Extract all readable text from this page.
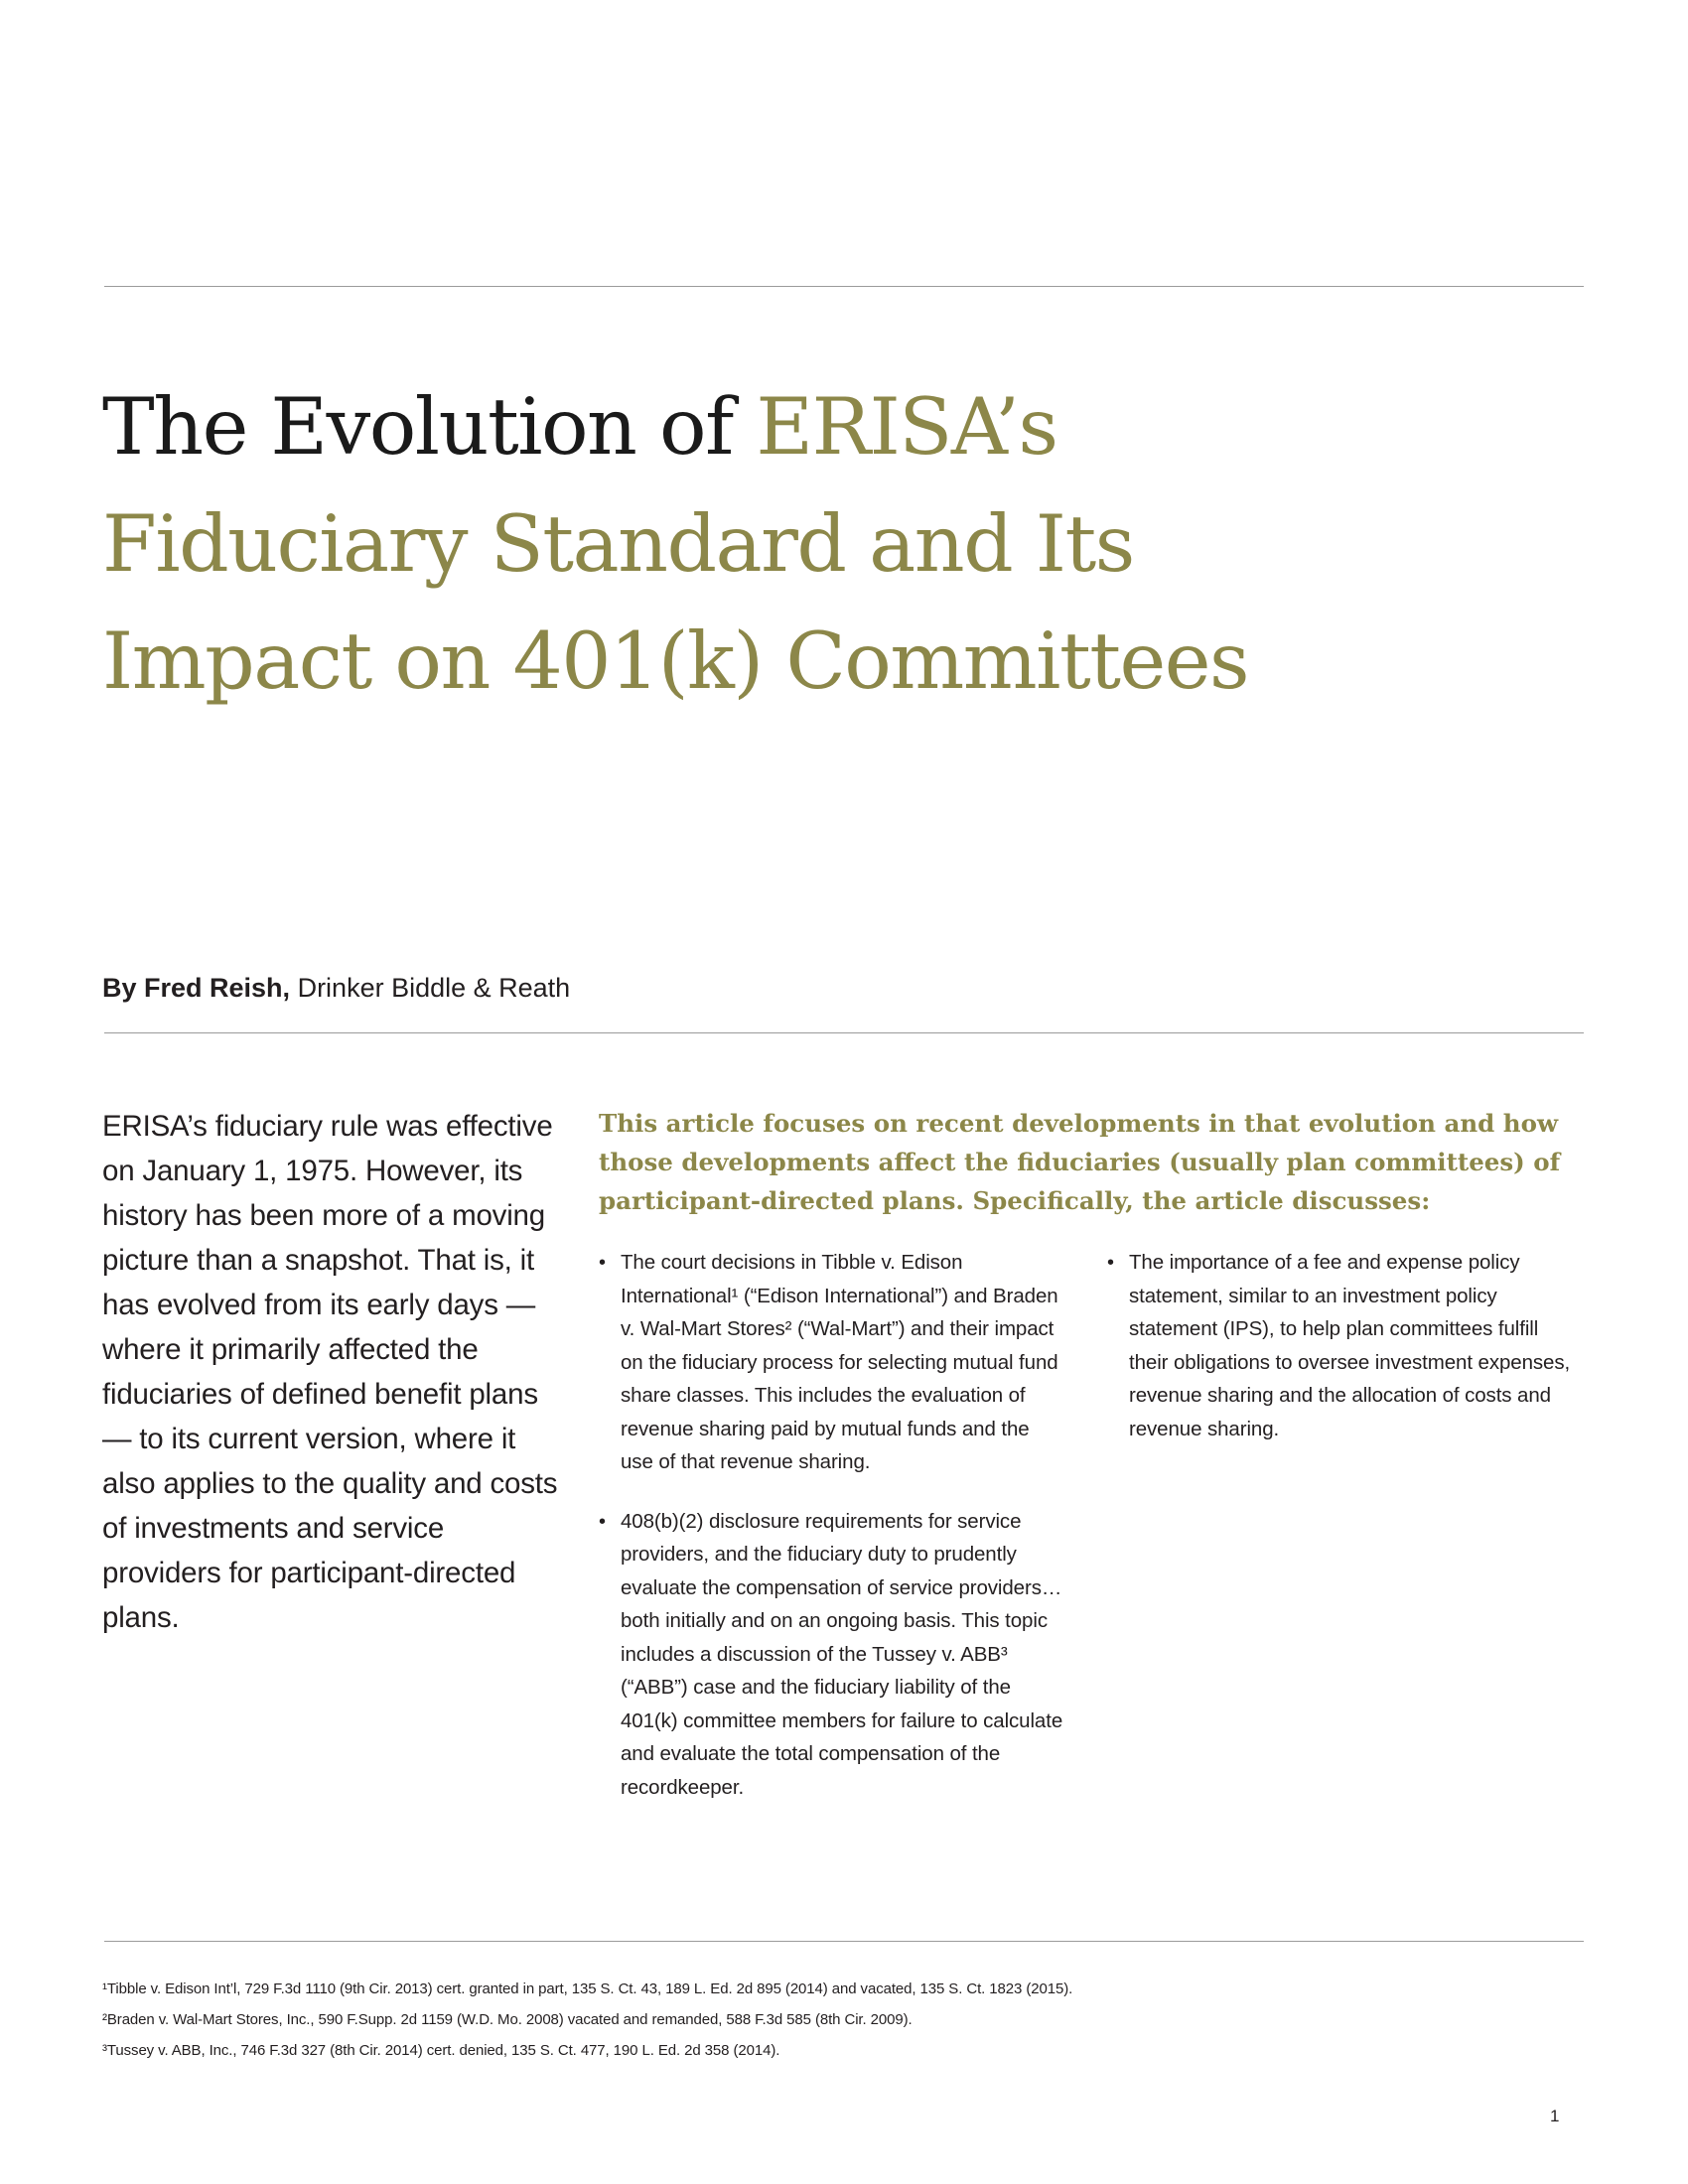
The Evolution of ERISA’s
Fiduciary Standard and Its
Impact on 401(k) Committees
By Fred Reish, Drinker Biddle & Reath
ERISA’s fiduciary rule was effective on January 1, 1975. However, its history has been more of a moving picture than a snapshot. That is, it has evolved from its early days — where it primarily affected the fiduciaries of defined benefit plans — to its current version, where it also applies to the quality and costs of investments and service providers for participant-directed plans.
This article focuses on recent developments in that evolution and how those developments affect the fiduciaries (usually plan committees) of participant-directed plans. Specifically, the article discusses:
• The court decisions in Tibble v. Edison International¹ (“Edison International”) and Braden v. Wal-Mart Stores² (“Wal-Mart”) and their impact on the fiduciary process for selecting mutual fund share classes. This includes the evaluation of revenue sharing paid by mutual funds and the use of that revenue sharing.
• 408(b)(2) disclosure requirements for service providers, and the fiduciary duty to prudently evaluate the compensation of service providers… both initially and on an ongoing basis. This topic includes a discussion of the Tussey v. ABB³ (“ABB”) case and the fiduciary liability of the 401(k) committee members for failure to calculate and evaluate the total compensation of the recordkeeper.
• The importance of a fee and expense policy statement, similar to an investment policy statement (IPS), to help plan committees fulfill their obligations to oversee investment expenses, revenue sharing and the allocation of costs and revenue sharing.
¹Tibble v. Edison Int’l, 729 F.3d 1110 (9th Cir. 2013) cert. granted in part, 135 S. Ct. 43, 189 L. Ed. 2d 895 (2014) and vacated, 135 S. Ct. 1823 (2015).
²Braden v. Wal-Mart Stores, Inc., 590 F.Supp. 2d 1159 (W.D. Mo. 2008) vacated and remanded, 588 F.3d 585 (8th Cir. 2009).
³Tussey v. ABB, Inc., 746 F.3d 327 (8th Cir. 2014) cert. denied, 135 S. Ct. 477, 190 L. Ed. 2d 358 (2014).
1
